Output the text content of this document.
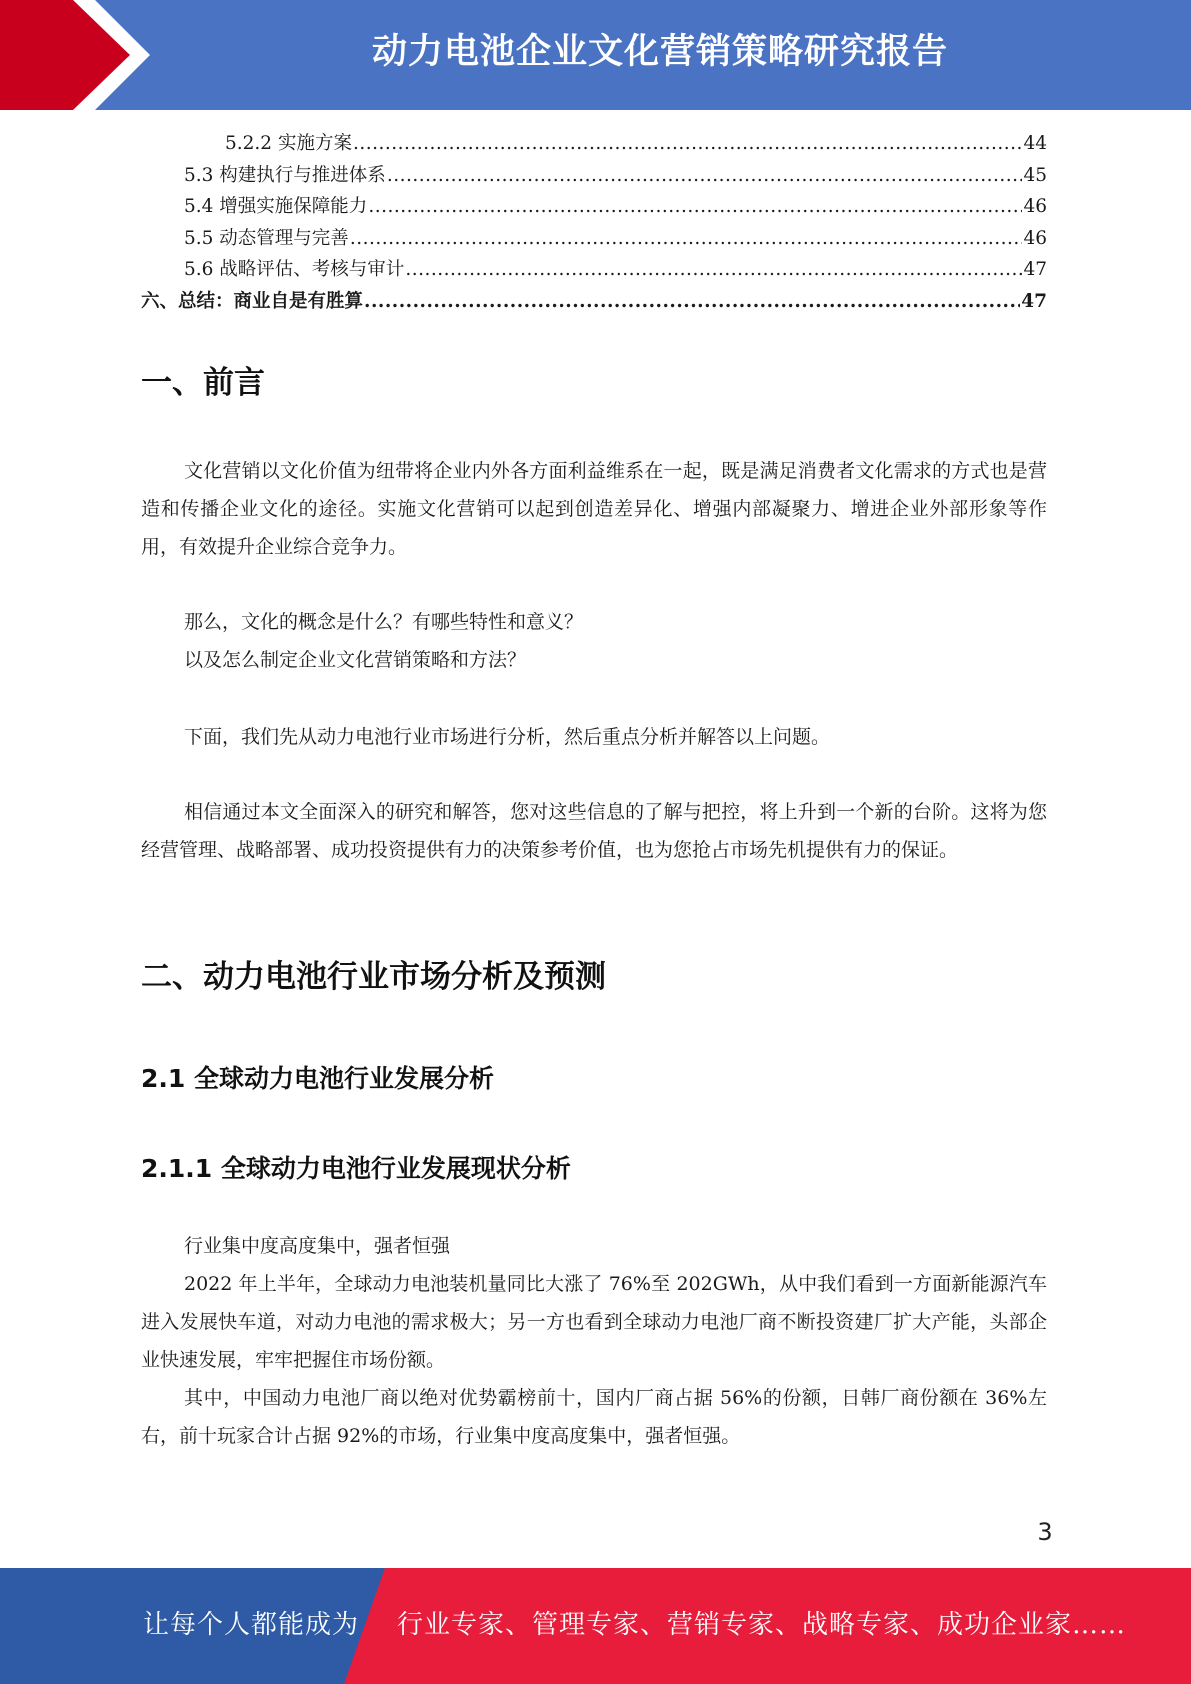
动力电池企业文化营销策略研究报告
5.2.2 实施方案 .....	44
5.3 构建执行与推进体系 .....	45
5.4 增强实施保障能力 .....	46
5.5 动态管理与完善 .....	46
5.6 战略评估、考核与审计 .....	47
六、总结：商业自是有胜算 .....	47
一、前言

文化营销以文化价值为纽带将企业内外各方面利益维系在一起，既是满足消费者文化需求的方式也是营造和传播企业文化的途径。实施文化营销可以起到创造差异化、增强内部凝聚力、增进企业外部形象等作用，有效提升企业综合竞争力。

那么，文化的概念是什么？有哪些特性和意义？

以及怎么制定企业文化营销策略和方法？

下面，我们先从动力电池行业市场进行分析，然后重点分析并解答以上问题。

相信通过本文全面深入的研究和解答，您对这些信息的了解与把控，将上升到一个新的台阶。这将为您经营管理、战略部署、成功投资提供有力的决策参考价值，也为您抢占市场先机提供有力的保证。

二、动力电池行业市场分析及预测
2.1 全球动力电池行业发展分析
2.1.1 全球动力电池行业发展现状分析

行业集中度高度集中，强者恒强

2022 年上半年，全球动力电池装机量同比大涨了 76%至 202GWh，从中我们看到一方面新能源汽车进入发展快车道，对动力电池的需求极大；另一方也看到全球动力电池厂商不断投资建厂扩大产能，头部企业快速发展，牢牢把握住市场份额。

其中，中国动力电池厂商以绝对优势霸榜前十，国内厂商占据 56%的份额，日韩厂商份额在 36%左右，前十玩家合计占据 92%的市场，行业集中度高度集中，强者恒强。

3
让每个人都能成为 行业专家、管理专家、营销专家、战略专家、成功企业家……
